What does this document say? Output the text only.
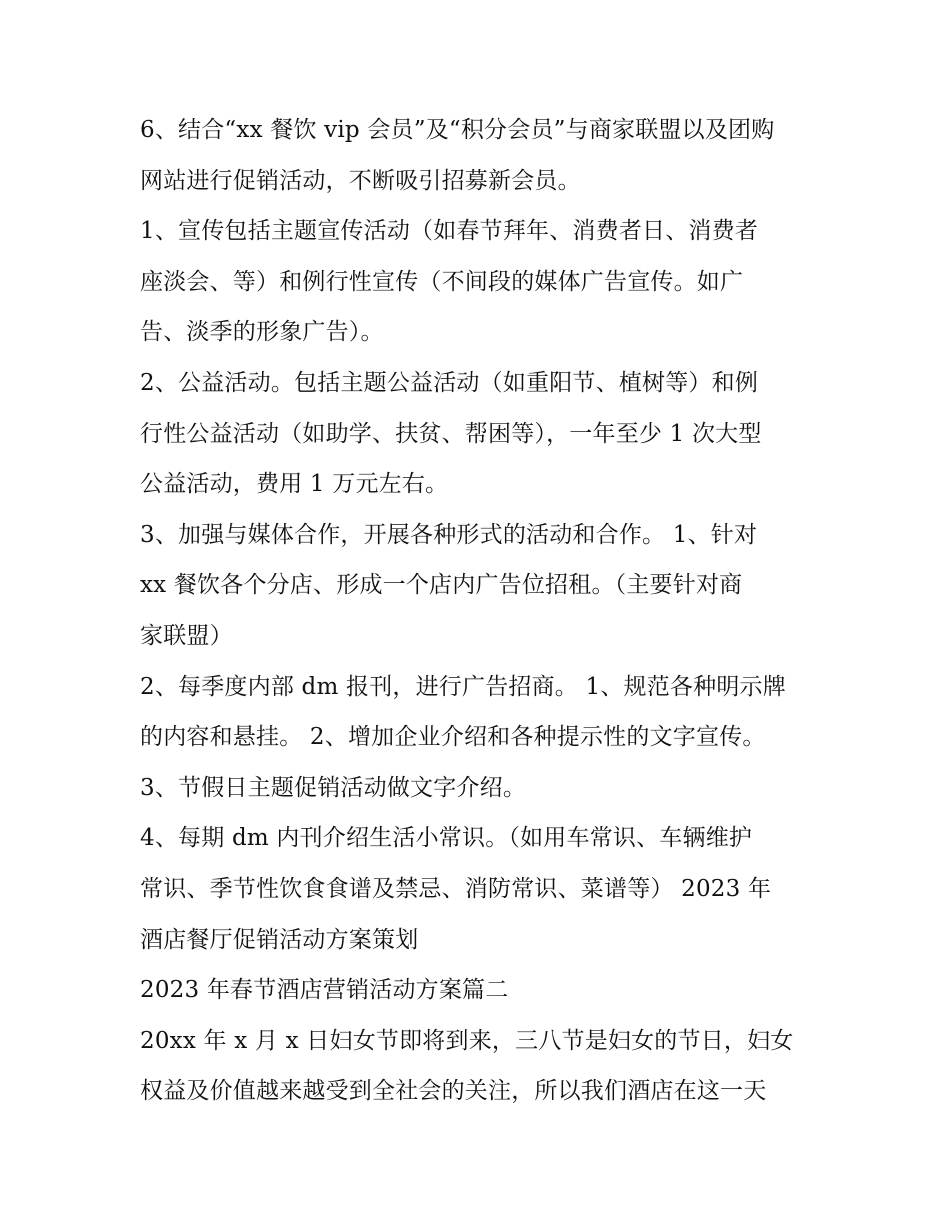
6、结合“xx 餐饮 vip 会员”及“积分会员”与商家联盟以及团购
网站进行促销活动，不断吸引招募新会员。
1、宣传包括主题宣传活动（如春节拜年、消费者日、消费者
座淡会、等）和例行性宣传（不间段的媒体广告宣传。如广
告、淡季的形象广告）。
2、公益活动。包括主题公益活动（如重阳节、植树等）和例
行性公益活动（如助学、扶贫、帮困等），一年至少 1 次大型
公益活动，费用 1 万元左右。
3、加强与媒体合作，开展各种形式的活动和合作。 1、针对
xx 餐饮各个分店、形成一个店内广告位招租。（主要针对商
家联盟）
2、每季度内部 dm 报刊，进行广告招商。 1、规范各种明示牌
的内容和悬挂。 2、增加企业介绍和各种提示性的文字宣传。
3、节假日主题促销活动做文字介绍。
4、每期 dm 内刊介绍生活小常识。（如用车常识、车辆维护
常识、季节性饮食食谱及禁忌、消防常识、菜谱等） 2023 年
酒店餐厅促销活动方案策划
2023 年春节酒店营销活动方案篇二
20xx 年 x 月 x 日妇女节即将到来，三八节是妇女的节日，妇女
权益及价值越来越受到全社会的关注，所以我们酒店在这一天
